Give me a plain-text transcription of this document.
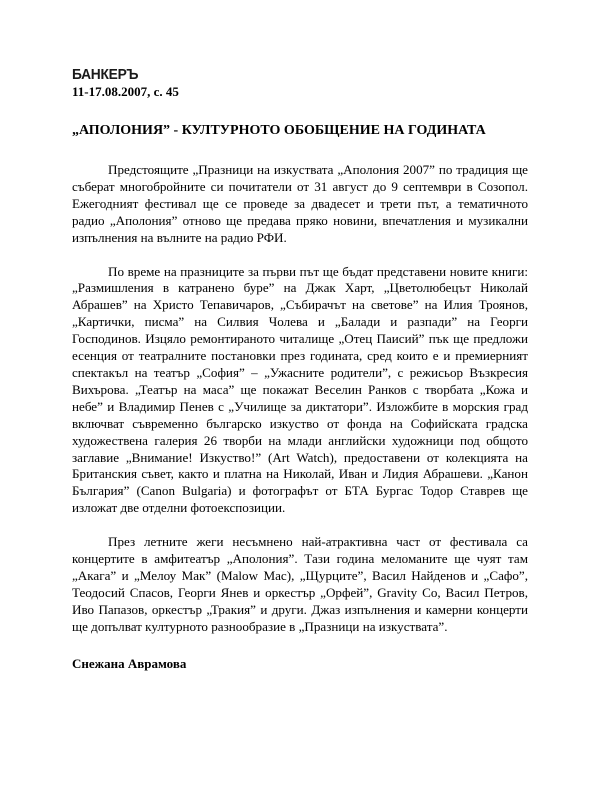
БАНКЕРЪ
11-17.08.2007, с. 45
„АПОЛОНИЯ” - КУЛТУРНОТО ОБОБЩЕНИЕ НА ГОДИНАТА

Предстоящите „Празници на изкуствата „Аполония 2007” по традиция ще съберат многобройните си почитатели от 31 август до 9 септември в Созопол. Ежегодният фестивал ще се проведе за двадесет и трети път, а тематичното радио „Аполония” отново ще предава пряко новини, впечатления и музикални изпълнения на вълните на радио РФИ.

По време на празниците за първи път ще бъдат представени новите книги: „Размишления в катранено буре” на Джак Харт, „Цветолюбецът Николай Абрашев” на Христо Тепавичаров, „Събирачът на светове” на Илия Троянов, „Картички, писма” на Силвия Чолева и „Балади и разпади” на Георги Господинов. Изцяло ремонтираното читалище „Отец Паисий” пък ще предложи есенция от театралните постановки през годината, сред които е и премиерният спектакъл на театър „София” – „Ужасните родители”, с режисьор Възкресия Вихърова. „Театър на маса” ще покажат Веселин Ранков с творбата „Кожа и небе” и Владимир Пенев с „Училище за диктатори”. Изложбите в морския град включват съвременно българско изкуство от фонда на Софийската градска художествена галерия 26 творби на млади английски художници под общото заглавие „Внимание! Изкуство!” (Art Watch), предоставени от колекцията на Британския съвет, както и платна на Николай, Иван и Лидия Абрашеви. „Канон България” (Canon Bulgaria) и фотографът от БТА Бургас Тодор Ставрев ще изложат две отделни фотоекспозиции.

През летните жеги несъмнено най-атрактивна част от фестивала са концертите в амфитеатър „Аполония”. Тази година меломаните ще чуят там „Акага” и „Мелоу Мак” (Malow Mac), „Щурците”, Васил Найденов и „Сафо”, Теодосий Спасов, Георги Янев и оркестър „Орфей”, Gravity Co, Васил Петров, Иво Папазов, оркестър „Тракия” и други. Джаз изпълнения и камерни концерти ще допълват културното разнообразие в „Празници на изкуствата”.

Снежана Аврамова
